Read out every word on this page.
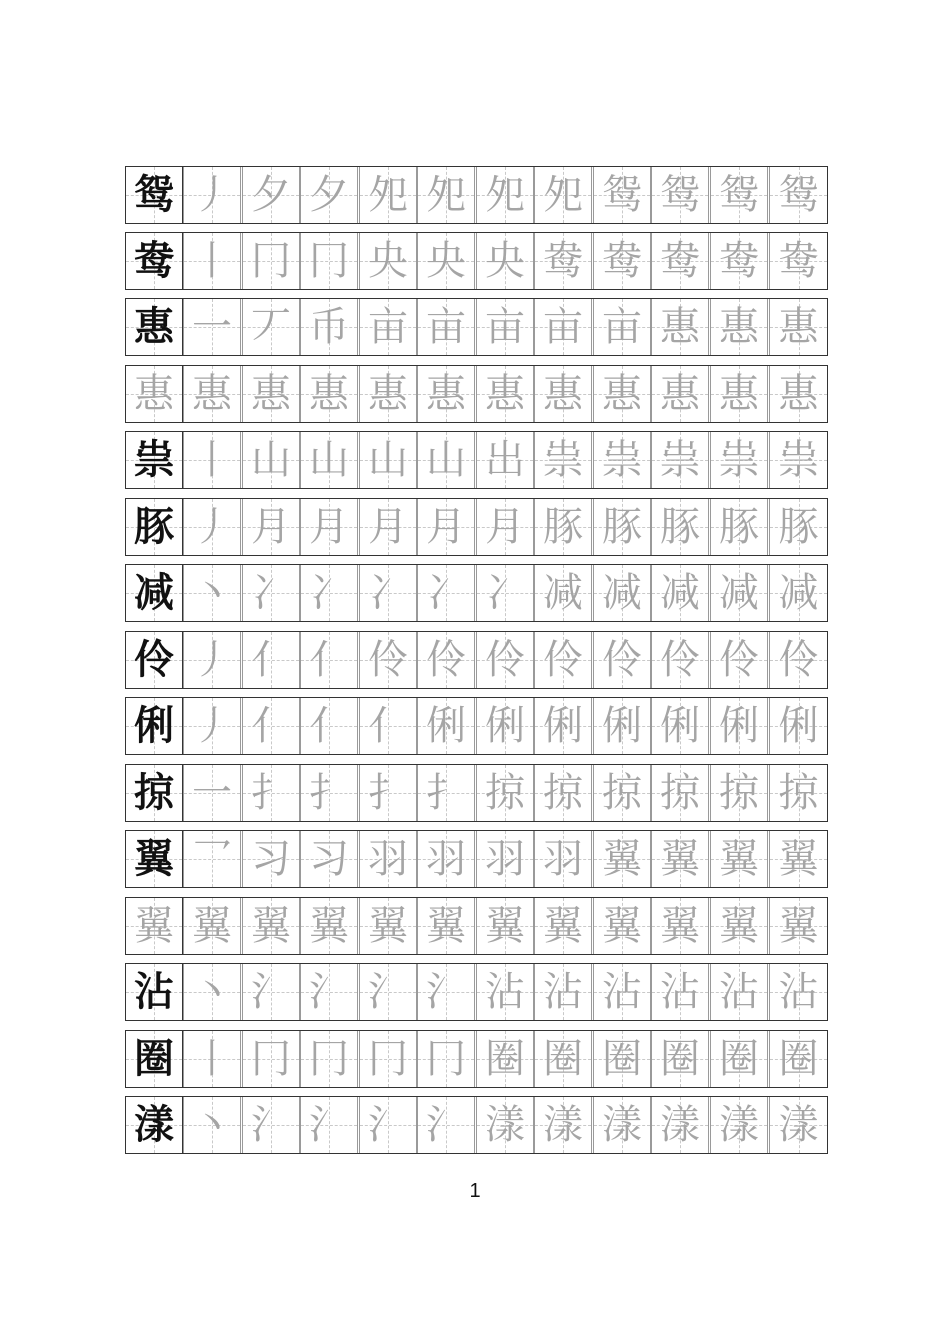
鸳 丿 夕 夕 夗 夗 夗 夗 鸳 鸳 鸳 鸳
鸯 丨 冂 冂 央 央 央 鸯 鸯 鸯 鸯 鸯
惠 一 丆 币 亩 亩 亩 亩 亩 惠 惠 惠
惠 惠 惠 惠 惠 惠 惠 惠 惠 惠 惠 惠
祟 丨 山 山 山 山 出 祟 祟 祟 祟 祟
豚 丿 月 月 月 月 月 豚 豚 豚 豚 豚
减 丶 冫 冫 冫 冫 冫 减 减 减 减 减
伶 丿 亻 亻 伶 伶 伶 伶 伶 伶 伶 伶
俐 丿 亻 亻 亻 俐 俐 俐 俐 俐 俐 俐
掠 一 扌 扌 扌 扌 掠 掠 掠 掠 掠 掠
翼 乛 习 习 羽 羽 羽 羽 翼 翼 翼 翼
翼 翼 翼 翼 翼 翼 翼 翼 翼 翼 翼 翼
沾 丶 氵 氵 氵 氵 沾 沾 沾 沾 沾 沾
圈 丨 冂 冂 冂 冂 圈 圈 圈 圈 圈 圈
漾 丶 氵 氵 氵 氵 漾 漾 漾 漾 漾 漾
1
